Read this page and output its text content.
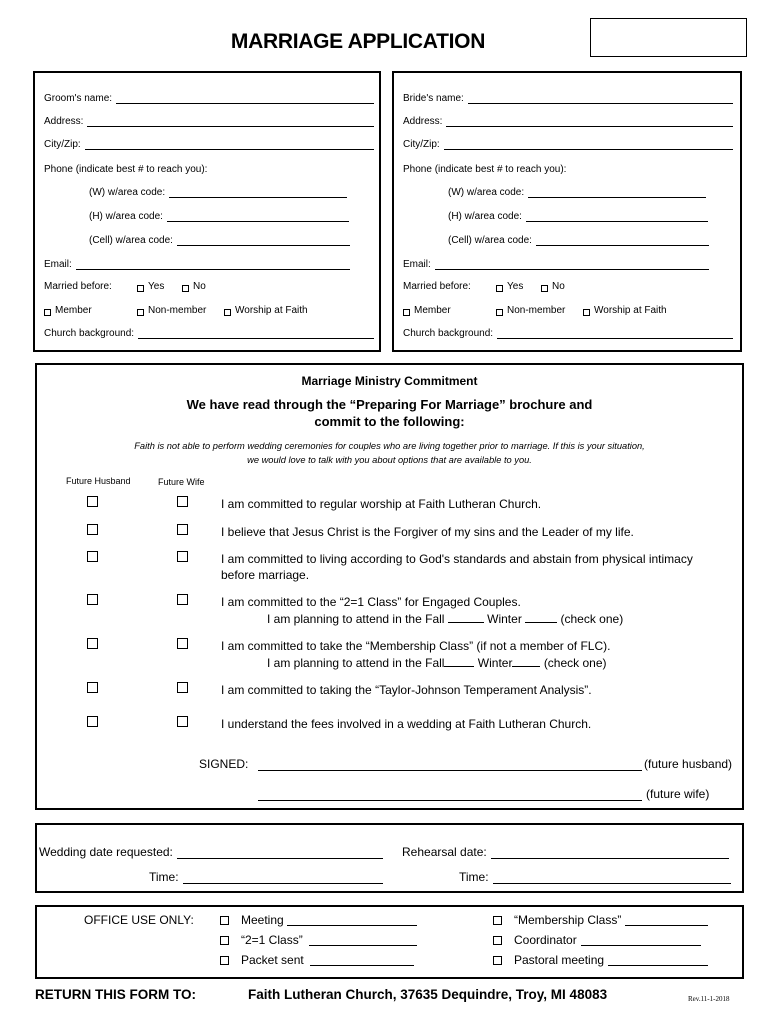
MARRIAGE APPLICATION
Groom's name:
Address:
City/Zip:
Phone (indicate best # to reach you):
(W) w/area code:
(H) w/area code:
(Cell) w/area code:
Email:
Married before:	Yes	No
Member	Non-member	Worship at Faith
Church background:
Bride's name:
Address:
City/Zip:
Phone (indicate best # to reach you):
(W) w/area code:
(H) w/area code:
(Cell) w/area code:
Email:
Married before:	Yes	No
Member	Non-member	Worship at Faith
Church background:
Marriage Ministry Commitment
We have read through the “Preparing For Marriage” brochure and
commit to the following:
Faith is not able to perform wedding ceremonies for couples who are living together prior to marriage. If this is your situation,
we would love to talk with you about options that are available to you.
Future Husband	Future Wife
I am committed to regular worship at Faith Lutheran Church.
I believe that Jesus Christ is the Forgiver of my sins and the Leader of my life.
I am committed to living according to God's standards and abstain from physical intimacy
before marriage.
I am committed to the “2=1 Class” for Engaged Couples.
I am planning to attend in the Fall	Winter	(check one)
I am committed to take the “Membership Class” (if not a member of FLC).
I am planning to attend in the Fall	Winter	(check one)
I am committed to taking the “Taylor-Johnson Temperament Analysis”.
I understand the fees involved in a wedding at Faith Lutheran Church.
SIGNED:	(future husband)
(future wife)
Wedding date requested:	Rehearsal date:
Time:	Time:
OFFICE USE ONLY:	Meeting
“2=1 Class”
Packet sent
“Membership Class”
Coordinator
Pastoral meeting
RETURN THIS FORM TO:	Faith Lutheran Church, 37635 Dequindre, Troy, MI 48083	Rev.11-1-2018
